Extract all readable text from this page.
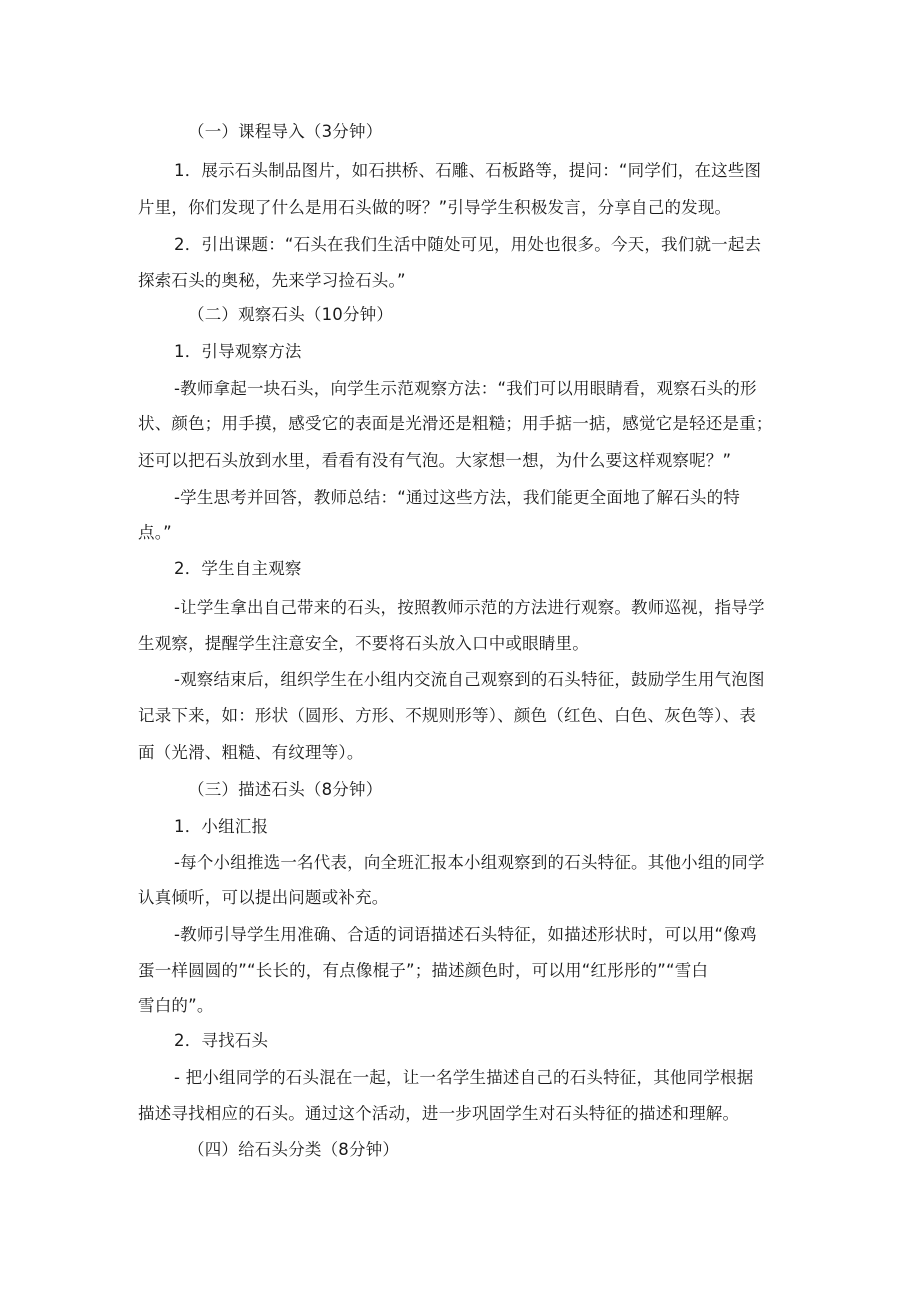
（一）课程导入（3分钟）
1．展示石头制品图片，如石拱桥、石雕、石板路等，提问：“同学们，在这些图
片里，你们发现了什么是用石头做的呀？”引导学生积极发言，分享自己的发现。
2．引出课题：“石头在我们生活中随处可见，用处也很多。今天，我们就一起去
探索石头的奥秘，先来学习捡石头。”
（二）观察石头（10分钟）
1．引导观察方法
-教师拿起一块石头，向学生示范观察方法：“我们可以用眼睛看，观察石头的形
状、颜色；用手摸，感受它的表面是光滑还是粗糙；用手掂一掂，感觉它是轻还是重；
还可以把石头放到水里，看看有没有气泡。大家想一想，为什么要这样观察呢？”
-学生思考并回答，教师总结：“通过这些方法，我们能更全面地了解石头的特
点。”
2．学生自主观察
-让学生拿出自己带来的石头，按照教师示范的方法进行观察。教师巡视，指导学
生观察，提醒学生注意安全，不要将石头放入口中或眼睛里。
-观察结束后，组织学生在小组内交流自己观察到的石头特征，鼓励学生用气泡图
记录下来，如：形状（圆形、方形、不规则形等）、颜色（红色、白色、灰色等）、表
面（光滑、粗糙、有纹理等）。
（三）描述石头（8分钟）
1．小组汇报
-每个小组推选一名代表，向全班汇报本小组观察到的石头特征。其他小组的同学
认真倾听，可以提出问题或补充。
-教师引导学生用准确、合适的词语描述石头特征，如描述形状时，可以用“像鸡
蛋一样圆圆的”“长长的，有点像棍子”；描述颜色时，可以用“红彤彤的”“雪白
雪白的”。
2．寻找石头
- 把小组同学的石头混在一起，让一名学生描述自己的石头特征，其他同学根据
描述寻找相应的石头。通过这个活动，进一步巩固学生对石头特征的描述和理解。
（四）给石头分类（8分钟）
